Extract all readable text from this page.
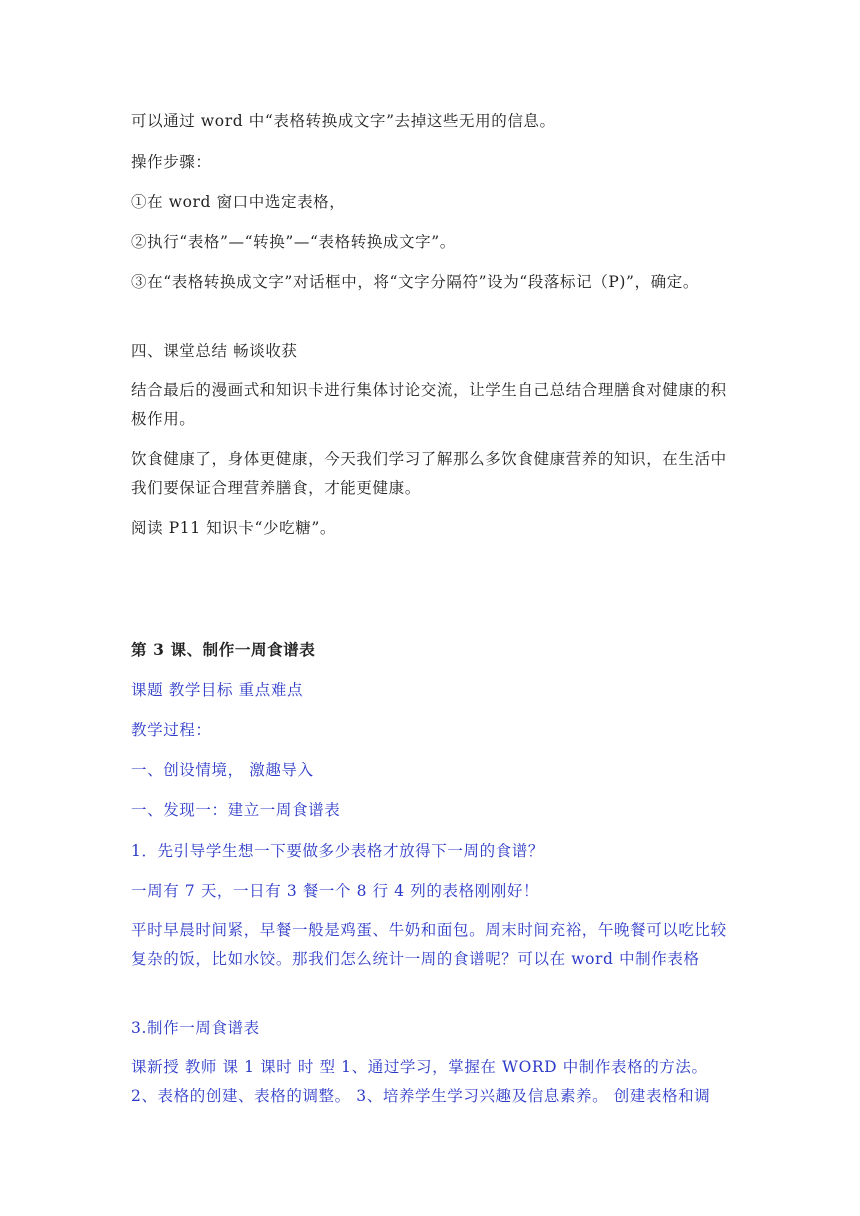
可以通过 word 中“表格转换成文字”去掉这些无用的信息。
操作步骤：
①在 word 窗口中选定表格，
②执行“表格”—“转换”—“表格转换成文字”。
③在“表格转换成文字”对话框中，将“文字分隔符”设为“段落标记（P)”，确定。
四、课堂总结 畅谈收获
结合最后的漫画式和知识卡进行集体讨论交流，让学生自己总结合理膳食对健康的积极作用。
饮食健康了，身体更健康，今天我们学习了解那么多饮食健康营养的知识，在生活中我们要保证合理营养膳食，才能更健康。
阅读 P11 知识卡“少吃糖”。
第 3 课、制作一周食谱表
课题 教学目标 重点难点
教学过程：
一、创设情境， 激趣导入
一、发现一：建立一周食谱表
1．先引导学生想一下要做多少表格才放得下一周的食谱？
一周有 7 天，一日有 3 餐一个 8 行 4 列的表格刚刚好！
平时早晨时间紧，早餐一般是鸡蛋、牛奶和面包。周末时间充裕，午晚餐可以吃比较复杂的饭，比如水饺。那我们怎么统计一周的食谱呢？可以在 word 中制作表格
3.制作一周食谱表
课新授 教师 课 1 课时 时 型 1、通过学习，掌握在 WORD 中制作表格的方法。2、表格的创建、表格的调整。 3、培养学生学习兴趣及信息素养。 创建表格和调
